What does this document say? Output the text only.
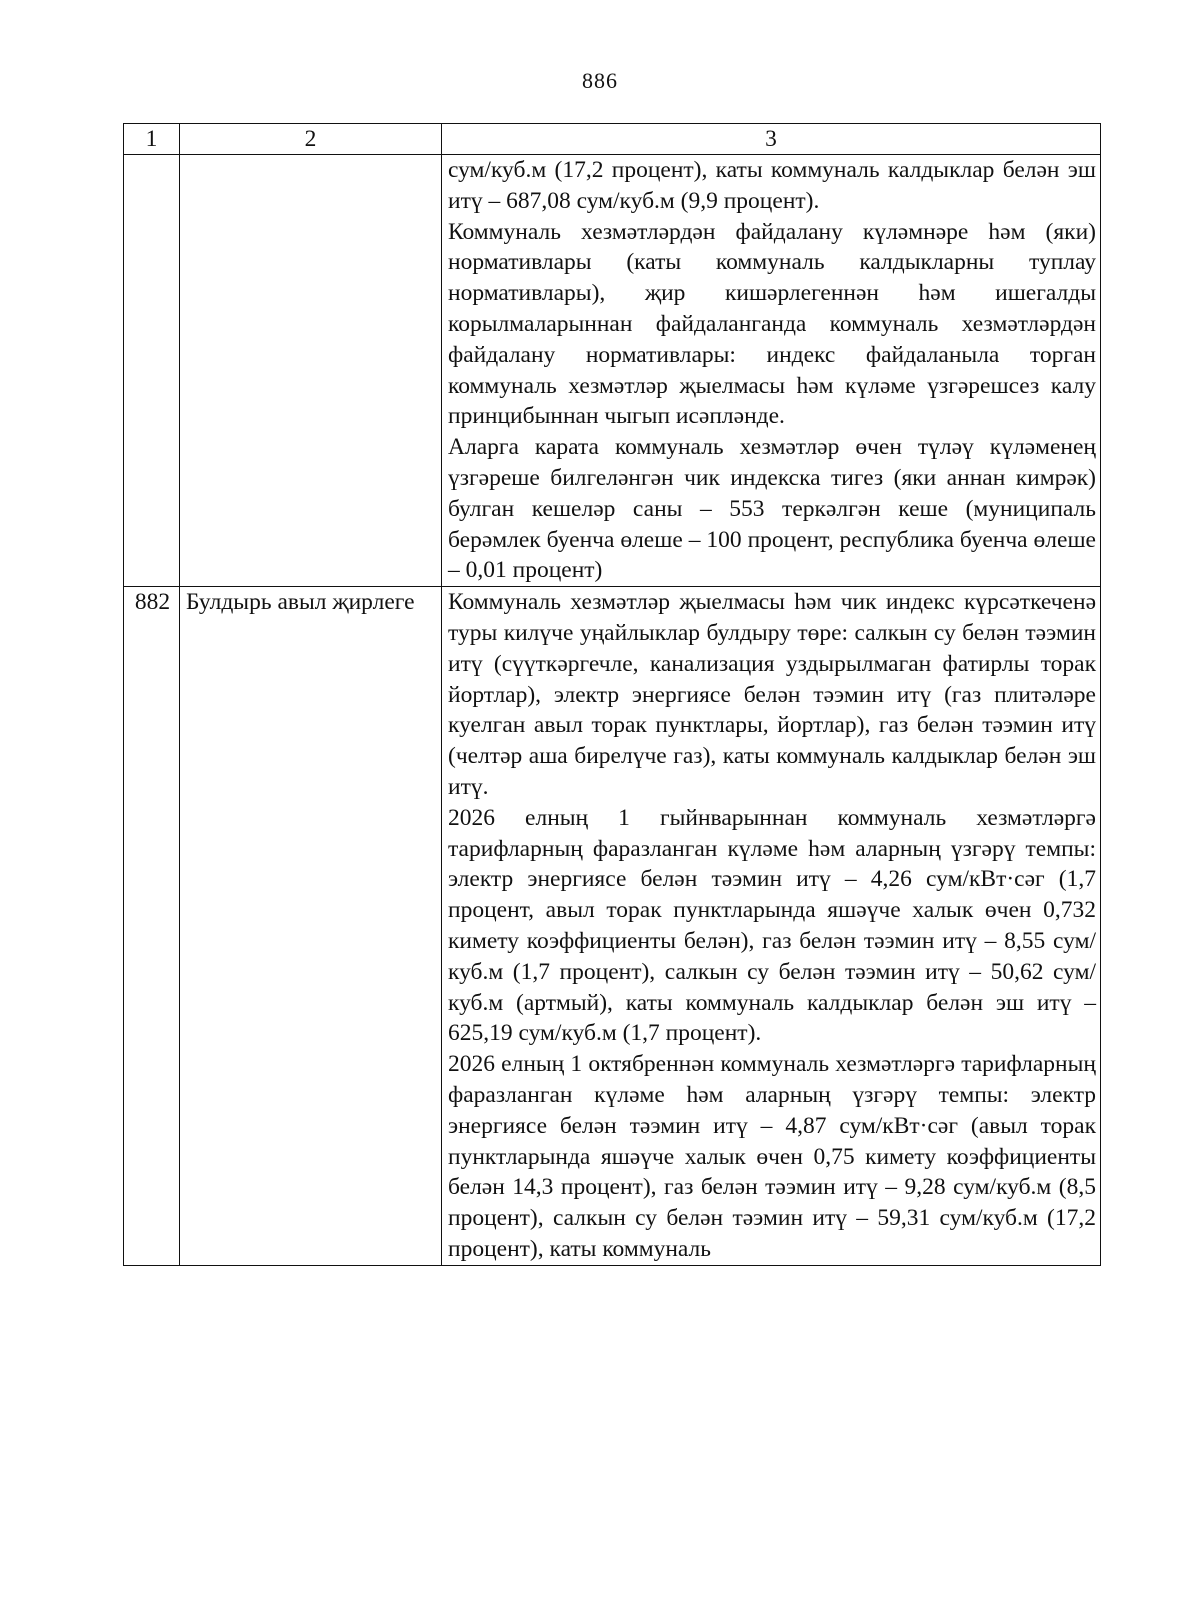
886
1	2	3

		сум/куб.м (17,2 процент), каты коммуналь калдыклар белән эш итү – 687,08 сум/куб.м (9,9 процент).

Коммуналь хезмәтләрдән файдалану күләмнәре һәм (яки) нормативлары (каты коммуналь калдыкларны туплау нормативлары), җир кишәрлегеннән һәм ишегалды корылмаларыннан файдаланганда коммуналь хезмәтләрдән файдалану нормативлары: индекс файдаланыла торган коммуналь хезмәтләр җыелмасы һәм күләме үзгәрешсез калу принцибыннан чыгып исәпләнде.

Аларга карата коммуналь хезмәтләр өчен түләү күләменең үзгәреше билгеләнгән чик индекска тигез (яки аннан кимрәк) булган кешеләр саны – 553 теркәлгән кеше (муниципаль берәмлек буенча өлеше – 100 процент, республика буенча өлеше – 0,01 процент)

882	Булдырь авыл җирлеге	Коммуналь хезмәтләр җыелмасы һәм чик индекс күрсәткеченә туры килүче уңайлыклар булдыру төре: салкын су белән тәэмин итү (сүүткәргечле, канализация уздырылмаган фатирлы торак йортлар), электр энергиясе белән тәэмин итү (газ плитәләре куелган авыл торак пунктлары, йортлар), газ белән тәэмин итү (челтәр аша бирелүче газ), каты коммуналь калдыклар белән эш итү.

2026 елның 1 гыйнварыннан коммуналь хезмәтләргә тарифларның фаразланган күләме һәм аларның үзгәрү темпы: электр энергиясе белән тәэмин итү – 4,26 сум/кВт·сәг (1,7 процент, авыл торак пунктларында яшәүче халык өчен 0,732 кимету коэффициенты белән), газ белән тәэмин итү – 8,55 сум/куб.м (1,7 процент), салкын су белән тәэмин итү – 50,62 сум/куб.м (артмый), каты коммуналь калдыклар белән эш итү – 625,19 сум/куб.м (1,7 процент).

2026 елның 1 октябреннән коммуналь хезмәтләргә тарифларның фаразланган күләме һәм аларның үзгәрү темпы: электр энергиясе белән тәэмин итү – 4,87 сум/кВт·сәг (авыл торак пунктларында яшәүче халык өчен 0,75 кимету коэффициенты белән 14,3 процент), газ белән тәэмин итү – 9,28 сум/куб.м (8,5 процент), салкын су белән тәэмин итү – 59,31 сум/куб.м (17,2 процент), каты коммуналь
